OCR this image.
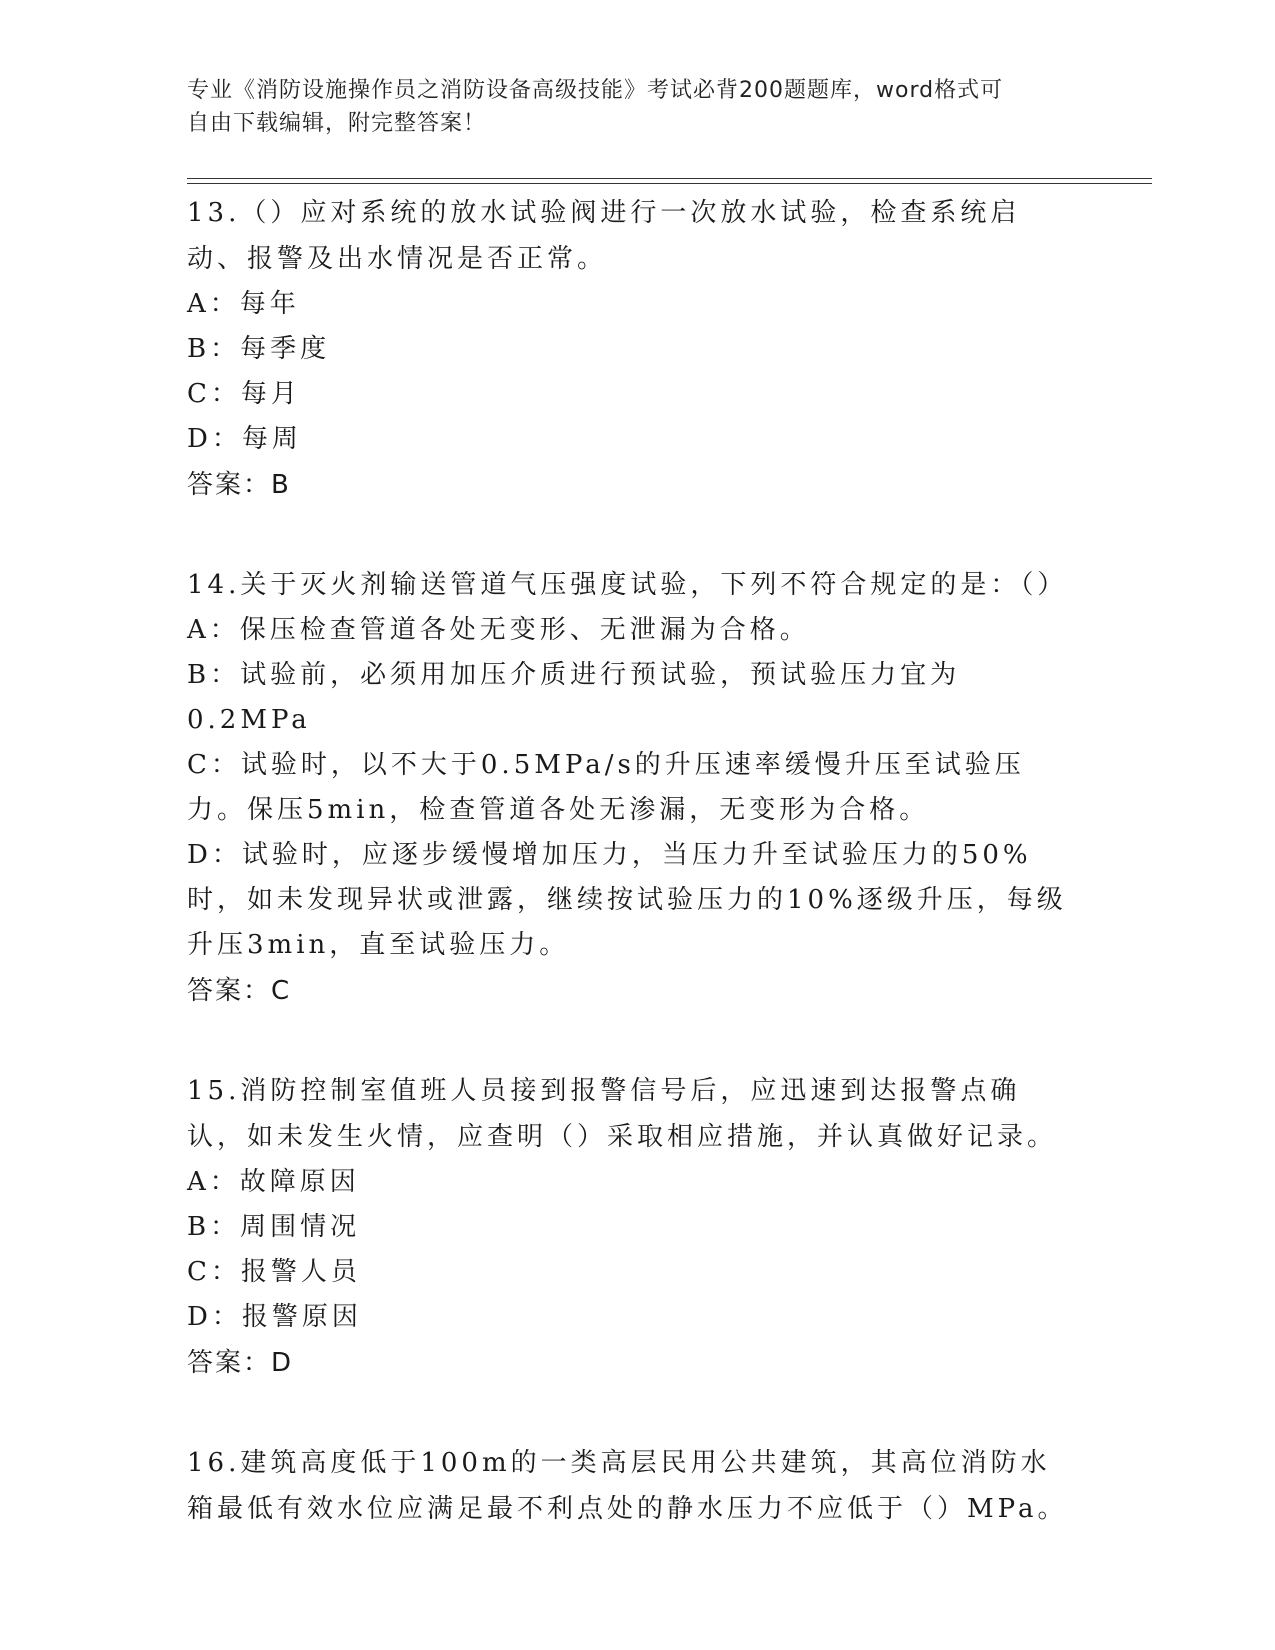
专业《消防设施操作员之消防设备高级技能》考试必背200题题库，word格式可
自由下载编辑，附完整答案！

13.（）应对系统的放水试验阀进行一次放水试验，检查系统启动、报警及出水情况是否正常。

A：每年

B：每季度

C：每月

D：每周

答案：B

14.关于灭火剂输送管道气压强度试验，下列不符合规定的是：（）

A：保压检查管道各处无变形、无泄漏为合格。

B：试验前，必须用加压介质进行预试验，预试验压力宜为0.2MPa

C：试验时，以不大于0.5MPa/s的升压速率缓慢升压至试验压力。保压5min，检查管道各处无渗漏，无变形为合格。

D：试验时，应逐步缓慢增加压力，当压力升至试验压力的50%时，如未发现异状或泄露，继续按试验压力的10%逐级升压，每级升压3min，直至试验压力。

答案：C

15.消防控制室值班人员接到报警信号后，应迅速到达报警点确认，如未发生火情，应查明（）采取相应措施，并认真做好记录。

A：故障原因

B：周围情况

C：报警人员

D：报警原因

答案：D

16.建筑高度低于100m的一类高层民用公共建筑，其高位消防水箱最低有效水位应满足最不利点处的静水压力不应低于（）MPa。
